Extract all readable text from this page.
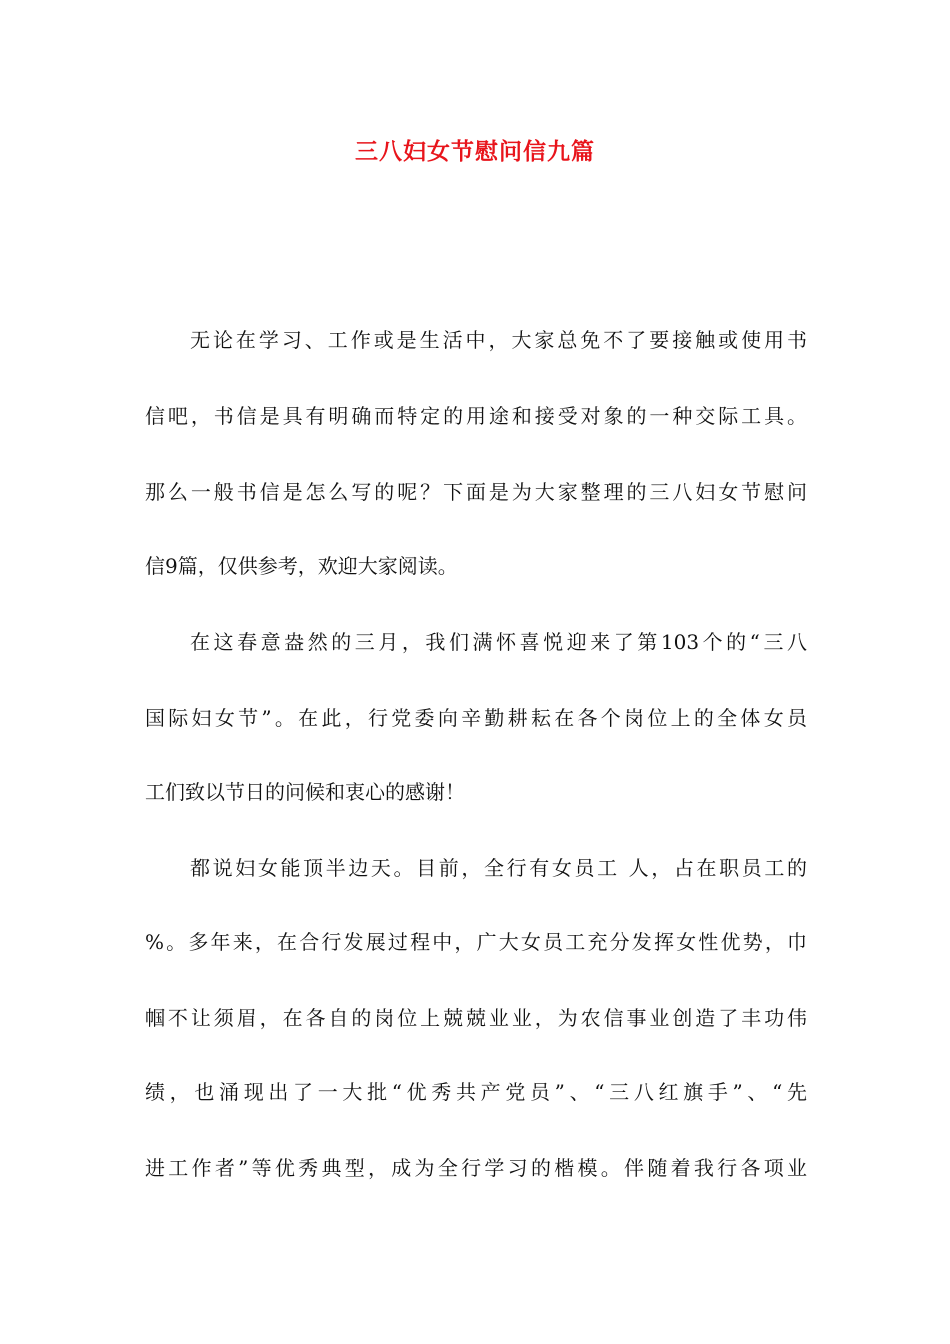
三八妇女节慰问信九篇
无论在学习、工作或是生活中，大家总免不了要接触或使用书
信吧，书信是具有明确而特定的用途和接受对象的一种交际工具。
那么一般书信是怎么写的呢？下面是为大家整理的三八妇女节慰问
信9篇，仅供参考，欢迎大家阅读。
在这春意盎然的三月，我们满怀喜悦迎来了第103个的“三八
国际妇女节”。在此，行党委向辛勤耕耘在各个岗位上的全体女员
工们致以节日的问候和衷心的感谢！
都说妇女能顶半边天。目前，全行有女员工 人，占在职员工的
%。多年来，在合行发展过程中，广大女员工充分发挥女性优势，巾
帼不让须眉，在各自的岗位上兢兢业业，为农信事业创造了丰功伟
绩，也涌现出了一大批“优秀共产党员”、“三八红旗手”、“先
进工作者”等优秀典型，成为全行学习的楷模。伴随着我行各项业
